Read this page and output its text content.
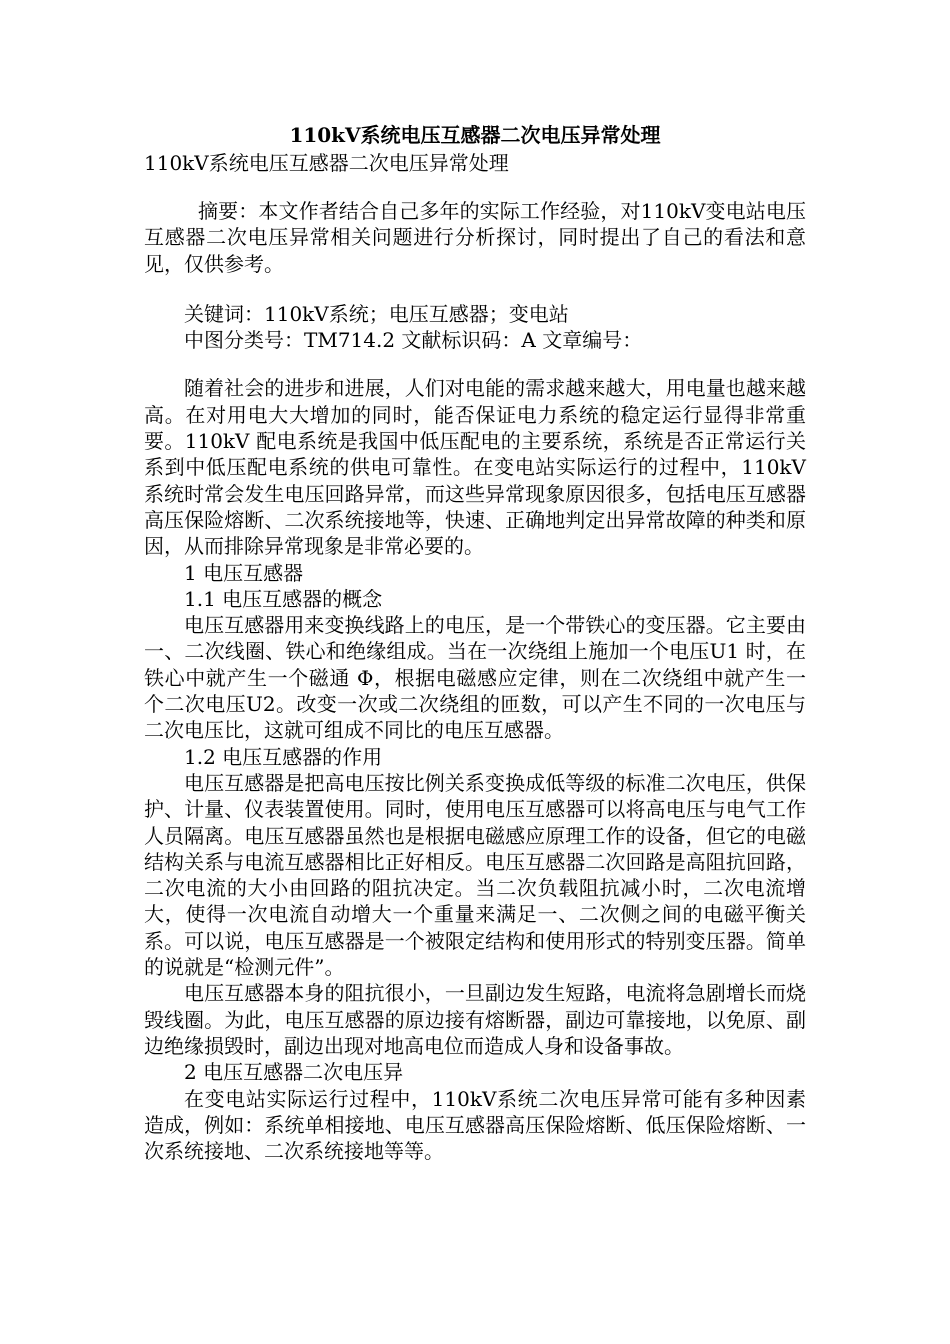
110kV系统电压互感器二次电压异常处理

110kV系统电压互感器二次电压异常处理

摘要：本文作者结合自己多年的实际工作经验，对110kV变电站电压互感器二次电压异常相关问题进行分析探讨，同时提出了自己的看法和意见，仅供参考。

关键词：110kV系统；电压互感器；变电站

中图分类号：TM714.2 文献标识码：A 文章编号：

随着社会的进步和进展，人们对电能的需求越来越大，用电量也越来越高。在对用电大大增加的同时，能否保证电力系统的稳定运行显得非常重要。110kV 配电系统是我国中低压配电的主要系统，系统是否正常运行关系到中低压配电系统的供电可靠性。在变电站实际运行的过程中，110kV 系统时常会发生电压回路异常，而这些异常现象原因很多，包括电压互感器高压保险熔断、二次系统接地等，快速、正确地判定出异常故障的种类和原因，从而排除异常现象是非常必要的。

1 电压互感器

1.1 电压互感器的概念

电压互感器用来变换线路上的电压，是一个带铁心的变压器。它主要由一、二次线圈、铁心和绝缘组成。当在一次绕组上施加一个电压U1 时，在铁心中就产生一个磁通 Φ，根据电磁感应定律，则在二次绕组中就产生一个二次电压U2。改变一次或二次绕组的匝数，可以产生不同的一次电压与二次电压比，这就可组成不同比的电压互感器。

1.2 电压互感器的作用

电压互感器是把高电压按比例关系变换成低等级的标准二次电压，供保护、计量、仪表装置使用。同时，使用电压互感器可以将高电压与电气工作人员隔离。电压互感器虽然也是根据电磁感应原理工作的设备，但它的电磁结构关系与电流互感器相比正好相反。电压互感器二次回路是高阻抗回路，二次电流的大小由回路的阻抗决定。当二次负载阻抗减小时，二次电流增大，使得一次电流自动增大一个重量来满足一、二次侧之间的电磁平衡关系。可以说，电压互感器是一个被限定结构和使用形式的特别变压器。简单的说就是“检测元件”。

电压互感器本身的阻抗很小，一旦副边发生短路，电流将急剧增长而烧毁线圈。为此，电压互感器的原边接有熔断器，副边可靠接地，以免原、副边绝缘损毁时，副边出现对地高电位而造成人身和设备事故。

2 电压互感器二次电压异

在变电站实际运行过程中，110kV系统二次电压异常可能有多种因素造成，例如：系统单相接地、电压互感器高压保险熔断、低压保险熔断、一次系统接地、二次系统接地等等。
